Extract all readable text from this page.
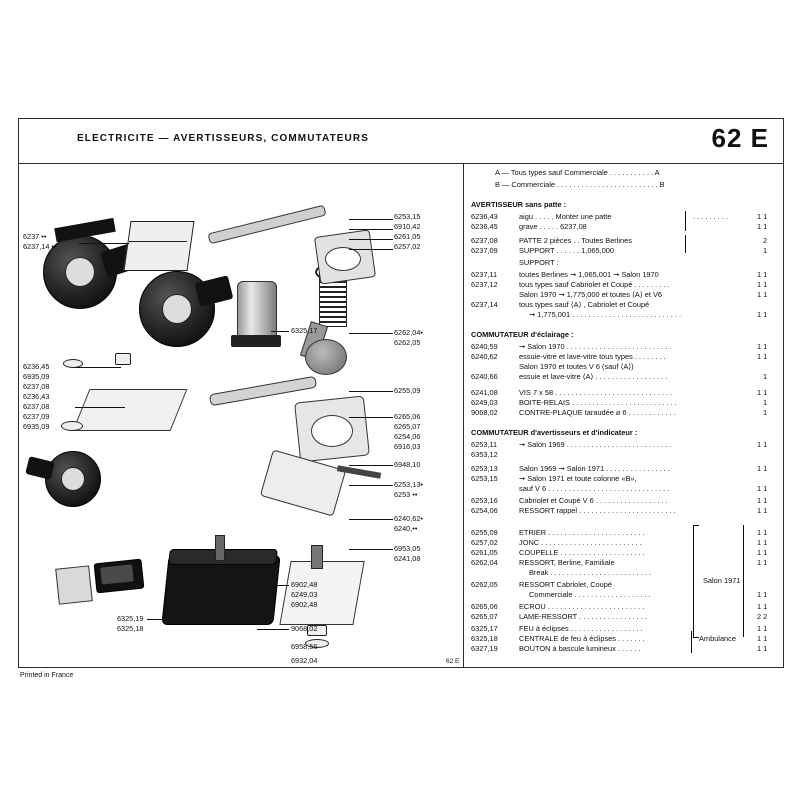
ELECTRICITE — AVERTISSEURS, COMMUTATEURS	62 E
6237 ••
6237,14 ••
6253,15
6910,42
6261,05
6257,02
6325,17	6262,04•
6262,05
6236,45
6935,09
6237,08
6236,43
6237,08
6237,09
6935,09
6255,09
6265,06
6265,07
6254,06
6916,03
6948,10
6253,13•
6253 ••
6240,62•
6240,••
6953,05
6241,08
6902,48
6249,03
6902,48
6325,19
6325,18	9068,02
6958,56
6932,04
A — Tous types sauf Commerciale . . . . . . . . . . . A
B — Commerciale . . . . . . . . . . . . . . . . . . . . . . . . . B
AVERTISSEUR sans patte :
6236,43	aigu . . . . . Monter une patte	. . . . . . . . .	1 1
6236,45	grave . . . . . 6237,08	1 1
6237,08	PATTE 2 pièces . . Toutes Berlines	2
6237,09	SUPPORT . . . . . . 1,065,000	1
SUPPORT :
6237,11	toutes Berlines ➞ 1,065,001 ➞ Salon 1970	1 1
6237,12	tous types sauf Cabriolet et Coupé . . . . . . . . .	1 1
Salon 1970 ➞ 1,775,000 et toutes ⟨A⟩ et V6	1 1
6237,14	tous types sauf ⟨A⟩ , Cabriolet et Coupé
➞ 1,775,001 . . . . . . . . . . . . . . . . . . . . . . . . . . .	1 1
COMMUTATEUR d'éclairage :
6240,59	➞ Salon 1970 . . . . . . . . . . . . . . . . . . . . . . . . . .	1 1
6240,62	essuie-vitre et lave-vitre tous types . . . . . . . .	1 1
Salon 1970 et toutes V 6 (sauf ⟨A⟩)
6240,66	essuie et lave-vitre ⟨A⟩ . . . . . . . . . . . . . . . . . .	1
6241,08	VIS 7 x 58 . . . . . . . . . . . . . . . . . . . . . . . . . . . . .	1 1
6249,03	BOITE-RELAIS . . . . . . . . . . . . . . . . . . . . . . . . . .	1
9068,02	CONTRE-PLAQUE taraudée ⌀ 6 . . . . . . . . . . . .	1
COMMUTATEUR d'avertisseurs et d'indicateur :
6253,11	➞ Salon 1969 . . . . . . . . . . . . . . . . . . . . . . . . . .	1 1
6353,12
6253,13	Salon 1969 ➞ Salon 1971 . . . . . . . . . . . . . . . .	1 1
6253,15	➞ Salon 1971 et toute colonne «B»,
sauf V 6 . . . . . . . . . . . . . . . . . . . . . . . . . . . . . .	1 1
6253,16	Cabriolet et Coupé V 6 . . . . . . . . . . . . . . . . . .	1 1
6254,06	RESSORT rappel . . . . . . . . . . . . . . . . . . . . . . . .	1 1
6255,09	ETRIER . . . . . . . . . . . . . . . . . . . . . . . .	1 1
6257,02	JONC . . . . . . . . . . . . . . . . . . . . . . . . .	1 1
6261,05	COUPELLE . . . . . . . . . . . . . . . . . . . . .	1 1
6262,04	RESSORT, Berline, Familiale	1 1
Break . . . . . . . . . . . . . . . . . . . . . . . . .
6262,05	RESSORT Cabriolet, Coupé	Salon 1971
Commerciale . . . . . . . . . . . . . . . . . . .	1 1
6265,06	ECROU . . . . . . . . . . . . . . . . . . . . . . . .	1 1
6265,07	LAME-RESSORT . . . . . . . . . . . . . . . . .	2 2
6325,17	FEU à éclipses . . . . . . . . . . . . . . . . . .	1 1
6325,18	CENTRALE de feu à éclipses . . . . . . .	Ambulance	1 1
6327,19	BOUTON à bascule lumineux . . . . . .	1 1
Printed in France
62 E
